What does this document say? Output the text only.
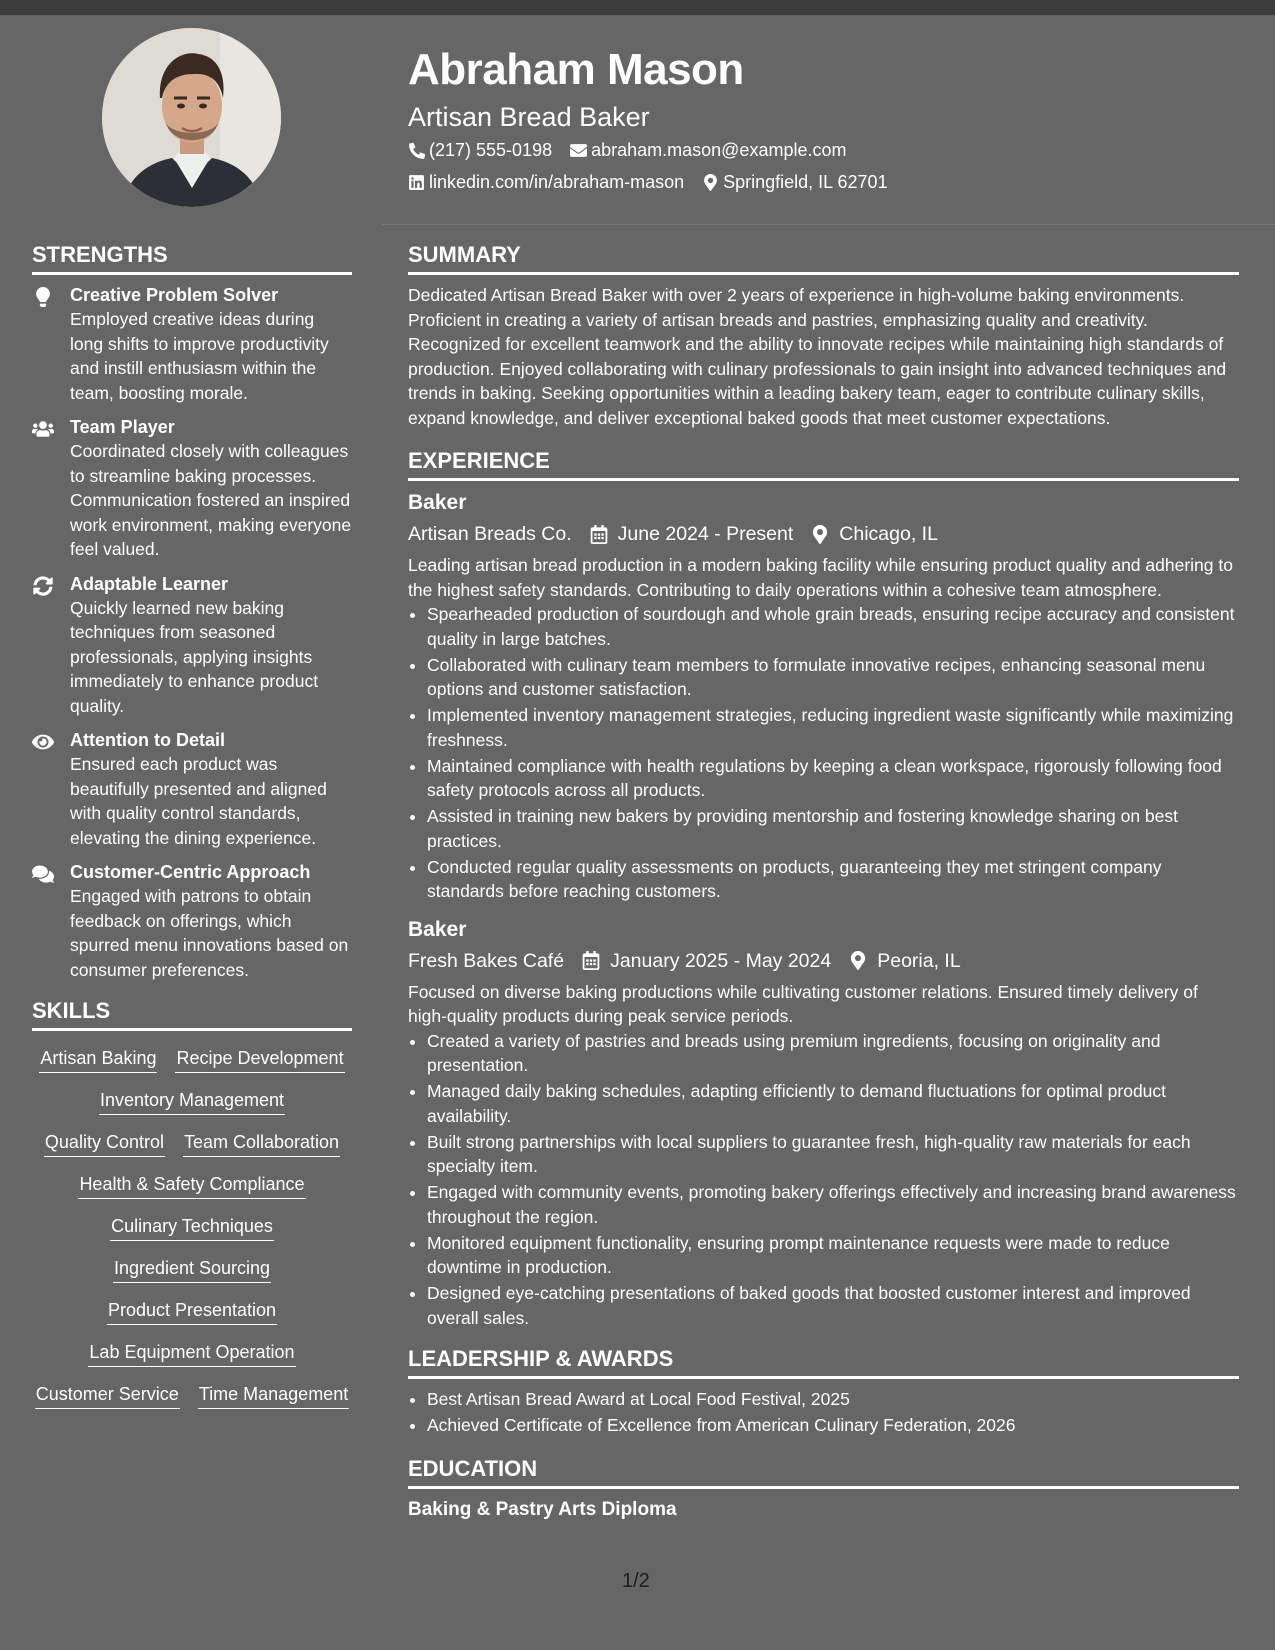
Abraham Mason
Artisan Bread Baker
(217) 555-0198 abraham.mason@example.com
linkedin.com/in/abraham-mason Springfield, IL 62701
STRENGTHS
Creative Problem Solver
Employed creative ideas during long shifts to improve productivity and instill enthusiasm within the team, boosting morale.
Team Player
Coordinated closely with colleagues to streamline baking processes. Communication fostered an inspired work environment, making everyone feel valued.
Adaptable Learner
Quickly learned new baking techniques from seasoned professionals, applying insights immediately to enhance product quality.
Attention to Detail
Ensured each product was beautifully presented and aligned with quality control standards, elevating the dining experience.
Customer-Centric Approach
Engaged with patrons to obtain feedback on offerings, which spurred menu innovations based on consumer preferences.
SKILLS
Artisan Baking Recipe Development
Inventory Management
Quality Control Team Collaboration
Health & Safety Compliance
Culinary Techniques
Ingredient Sourcing
Product Presentation
Lab Equipment Operation
Customer Service Time Management
SUMMARY

Dedicated Artisan Bread Baker with over 2 years of experience in high-volume baking environments. Proficient in creating a variety of artisan breads and pastries, emphasizing quality and creativity. Recognized for excellent teamwork and the ability to innovate recipes while maintaining high standards of production. Enjoyed collaborating with culinary professionals to gain insight into advanced techniques and trends in baking. Seeking opportunities within a leading bakery team, eager to contribute culinary skills, expand knowledge, and deliver exceptional baked goods that meet customer expectations.

EXPERIENCE
Baker
Artisan Breads Co. June 2024 - Present Chicago, IL

Leading artisan bread production in a modern baking facility while ensuring product quality and adhering to the highest safety standards. Contributing to daily operations within a cohesive team atmosphere.

• Spearheaded production of sourdough and whole grain breads, ensuring recipe accuracy and consistent quality in large batches.
• Collaborated with culinary team members to formulate innovative recipes, enhancing seasonal menu options and customer satisfaction.
• Implemented inventory management strategies, reducing ingredient waste significantly while maximizing freshness.
• Maintained compliance with health regulations by keeping a clean workspace, rigorously following food safety protocols across all products.
• Assisted in training new bakers by providing mentorship and fostering knowledge sharing on best practices.
• Conducted regular quality assessments on products, guaranteeing they met stringent company standards before reaching customers.
Baker
Fresh Bakes Café January 2025 - May 2024 Peoria, IL

Focused on diverse baking productions while cultivating customer relations. Ensured timely delivery of high-quality products during peak service periods.

• Created a variety of pastries and breads using premium ingredients, focusing on originality and presentation.
• Managed daily baking schedules, adapting efficiently to demand fluctuations for optimal product availability.
• Built strong partnerships with local suppliers to guarantee fresh, high-quality raw materials for each specialty item.
• Engaged with community events, promoting bakery offerings effectively and increasing brand awareness throughout the region.
• Monitored equipment functionality, ensuring prompt maintenance requests were made to reduce downtime in production.
• Designed eye-catching presentations of baked goods that boosted customer interest and improved overall sales.
LEADERSHIP & AWARDS
• Best Artisan Bread Award at Local Food Festival, 2025
• Achieved Certificate of Excellence from American Culinary Federation, 2026
EDUCATION
Baking & Pastry Arts Diploma
1/2
